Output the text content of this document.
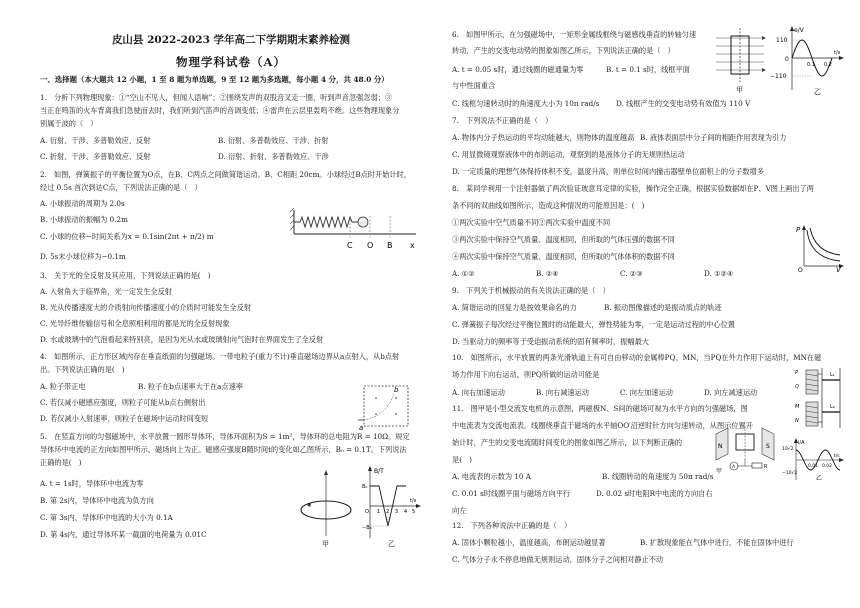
皮山县 2022-2023 学年高二下学期期末素养检测
物理学科试卷（A）
一、选择题（本大题共 12 小题，1 至 8 题为单选题，9 至 12 题为多选题，每小题 4 分，共 48.0 分）
1.　分析下列物理现象：①“空山不见人，但闻人语响”；②围绕发声的双股音叉走一圈，听到声音忽强忽弱；③
当正在鸣笛的火车背离我们急驶而去时，我们听到汽笛声的音调变低；④雷声在云层里轰鸣不绝。这些物理现象分
别属于波的（　）
A. 衍射、干涉、多普勒效应、反射	B. 衍射、多普勒效应、干涉、折射
C. 折射、干涉、多普勒效应、反射	D. 衍射、折射、多普勒效应、干涉
2.　如图，弹簧振子的平衡位置为O点，在B、C两点之间做简谐运动。B、C相距 20cm。小球经过B点时开始计时，
经过 0.5s 首次到达C点，下列说法正确的是（　）
A. 小球振动的周期为 2.0s
B. 小球振动的振幅为 0.2m
C. 小球的位移−时间关系为x = 0.1sin(2πt + π/2) m
D. 5s末小球位移为−0.1m
C O B x
3.　关于光的全反射及其应用，下列说法正确的是(　)
A. 入射角大于临界角，光一定发生全反射
B. 光从传播速度大的介质射向传播速度小的介质时可能发生全反射
C. 光导纤维传输信号和全息照相利用的都是光的全反射现象
D. 水或玻璃中的气泡看起来特别亮，是因为光从水或玻璃射向气泡时在界面发生了全反射
4.　如图所示，正方形区域内存在垂直纸面的匀强磁场。一带电粒子(重力不计)垂直磁场边界从a点射入，从b点射
出。下列说法正确的是(　)
A. 粒子带正电	B. 粒子在b点速率大于在a点速率
C. 若仅减小磁感应强度，则粒子可能从b点右侧射出
D. 若仅减小入射速率，则粒子在磁场中运动时间变短
a
b
5.　在竖直方向的匀强磁场中，水平放置一圆形导体环，导体环面积为S = 1m²，导体环的总电阻为R = 10Ω。规定
导体环中电流的正方向如图甲所示，磁场向上为正。磁感应强度B随时间t的变化如乙图所示，B₀ = 0.1T。下列说法
正确的是(　)
A. t = 1s时，导体环中电流为零
B. 第 2s内，导体环中电流为负方向
C. 第 3s内，导体环中电流的大小为 0.1A
D. 第 4s内，通过导体环某一截面的电荷量为 0.01C
甲
B/T
B₀
−B₀
O 1 2 3 4 5
t/s
乙
6.　如图甲所示，在匀强磁场中，一矩形金属线框绕与磁感线垂直的转轴匀速
转动，产生的交变电动势的图象如图乙所示，下列说法正确的是（　）
A. t = 0.05 s时，通过线圈的磁通量为零	B. t = 0.1 s时，线框平面
与中性面重合
C. 线框匀速转动时的角速度大小为 10π rad/s D. 线框产生的交变电动势有效值为 110 V
甲
e/V
110
0
−110
0.1 0.2
t/s
乙
7.　下列说法不正确的是（　）
A. 物体内分子热运动的平均动能越大，则物体的温度越高 B. 液体表面层中分子间的相距作用表现为引力
C. 用显微镜观察液体中的布朗运动，观察到的是液体分子的无规则热运动
D. 一定质量的理想气体保持体积不变，温度升高，则单位时间内撞击器壁单位面积上的分子数增多
8.　某同学利用一个注射器做了两次验证玻意耳定律的实验，操作完全正确，根据实验数据却在P、V图上画出了两
条不同的双曲线如图所示，造成这种情况的可能原因是：(　)
①两次实验中空气质量不同②两次实验中温度不同
③两次实验中保持空气质量、温度相同，但所取的气体压强的数据不同
④两次实验中保持空气质量、温度相同，但所取的气体体积的数据不同
A. ①②	B. ②④	C. ②③	D. ①②④
P
V
O
9.　下列关于机械振动的有关说法正确的是（　）
A. 简谐运动的回复力是按效果命名的力	B. 振动图像描述的是振动质点的轨迹
C. 弹簧振子每次经过平衡位置时的动能最大，弹性势能为零，一定是运动过程的中心位置
D. 当驱动力的频率等于受迫振动系统的固有频率时，振幅最大
10.　如图所示，水平放置的两条光滑轨道上有可自由移动的金属棒PQ、MN，当PQ在外力作用下运动时，MN在磁
场力作用下向右运动，则PQ所做的运动可能是
A. 向右加速运动	B. 向右减速运动	C. 向左加速运动	D. 向左减速运动
P
Q
M
N
L₁
L₂
11.　图甲是小型交流发电机的示意图，两磁极N、S间的磁场可视为水平方向的匀强磁场，图
中电流表为交流电流表。线圈绕垂直于磁场的水平轴OO′沿逆时针方向匀速转动，从图示位置开
始计时，产生的交变电流随时间变化的图象如图乙所示，以下判断正确的
是(　)
A. 电流表的示数为 10 A	B. 线圈转动的角速度为 50π rad/s
C. 0.01 s时线圈平面与磁场方向平行	D. 0.02 s时电阻R中电流的方向自右
向左
N	S
A	R
甲
i/A
10√2
−10√2
0.01 0.02
t/s
乙
12.　下列各种说法中正确的是（　）
A. 固体小颗粒越小，温度越高，布朗运动越显著	B. 扩散现象能在气体中进行，不能在固体中进行
C. 气体分子永不停息地做无规则运动，固体分子之间相对静止不动
